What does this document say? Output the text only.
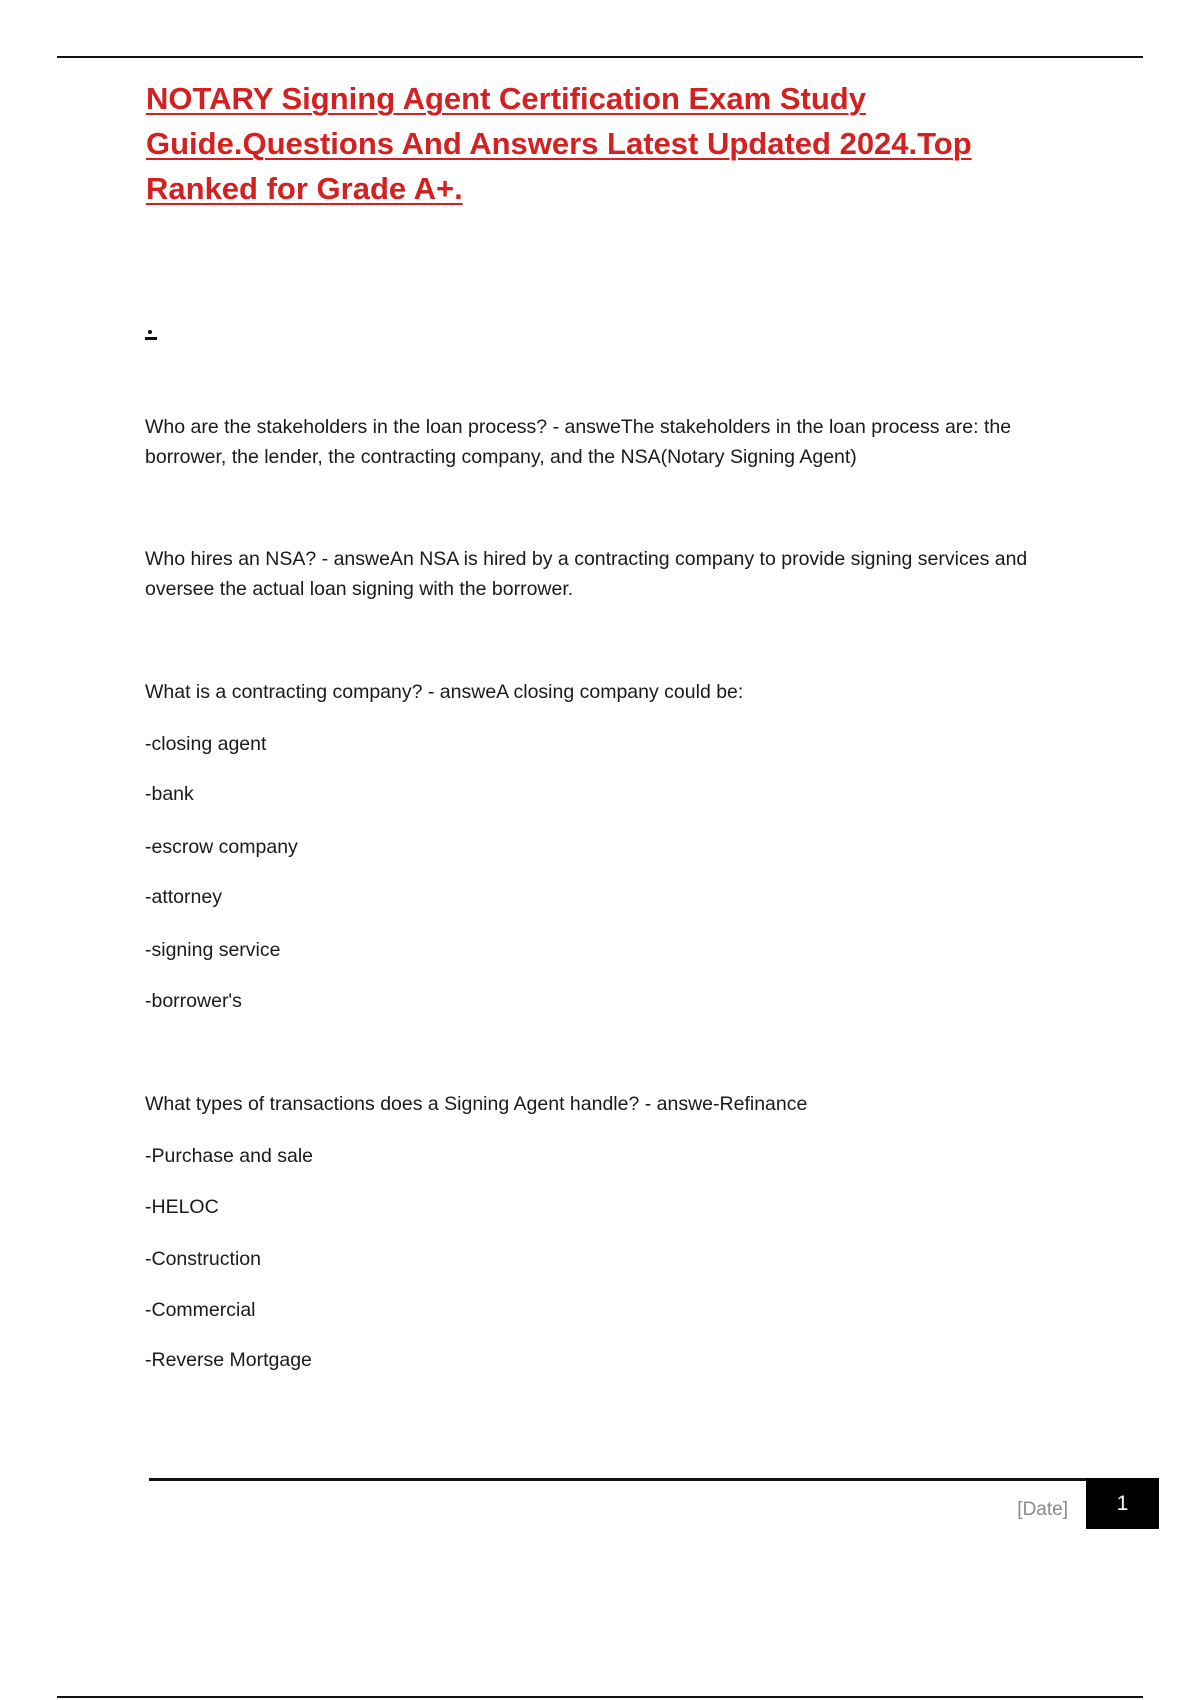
NOTARY Signing Agent Certification Exam Study Guide.Questions And Answers Latest Updated 2024.Top Ranked for Grade A+.

Who are the stakeholders in the loan process? - answeThe stakeholders in the loan process are: the borrower, the lender, the contracting company, and the NSA(Notary Signing Agent)

Who hires an NSA? - answeAn NSA is hired by a contracting company to provide signing services and oversee the actual loan signing with the borrower.

What is a contracting company? - answeA closing company could be:

-closing agent

-bank

-escrow company

-attorney

-signing service

-borrower's

What types of transactions does a Signing Agent handle? - answe-Refinance

-Purchase and sale

-HELOC

-Construction

-Commercial

-Reverse Mortgage

[Date]	1
